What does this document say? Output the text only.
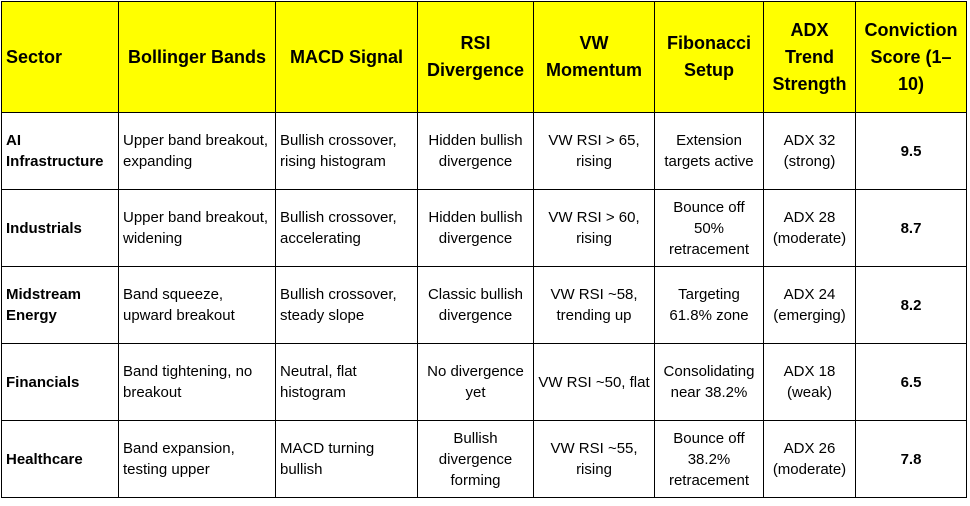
Sector	Bollinger Bands	MACD Signal	RSI Divergence	VW Momentum	Fibonacci Setup	ADX Trend Strength	Conviction Score (1–10)
AI Infrastructure	Upper band breakout, expanding	Bullish crossover, rising histogram	Hidden bullish divergence	VW RSI > 65, rising	Extension targets active	ADX 32 (strong)	9.5
Industrials	Upper band breakout, widening	Bullish crossover, accelerating	Hidden bullish divergence	VW RSI > 60, rising	Bounce off 50% retracement	ADX 28 (moderate)	8.7
Midstream Energy	Band squeeze, upward breakout	Bullish crossover, steady slope	Classic bullish divergence	VW RSI ~58, trending up	Targeting 61.8% zone	ADX 24 (emerging)	8.2
Financials	Band tightening, no breakout	Neutral, flat histogram	No divergence yet	VW RSI ~50, flat	Consolidating near 38.2%	ADX 18 (weak)	6.5
Healthcare	Band expansion, testing upper	MACD turning bullish	Bullish divergence forming	VW RSI ~55, rising	Bounce off 38.2% retracement	ADX 26 (moderate)	7.8
